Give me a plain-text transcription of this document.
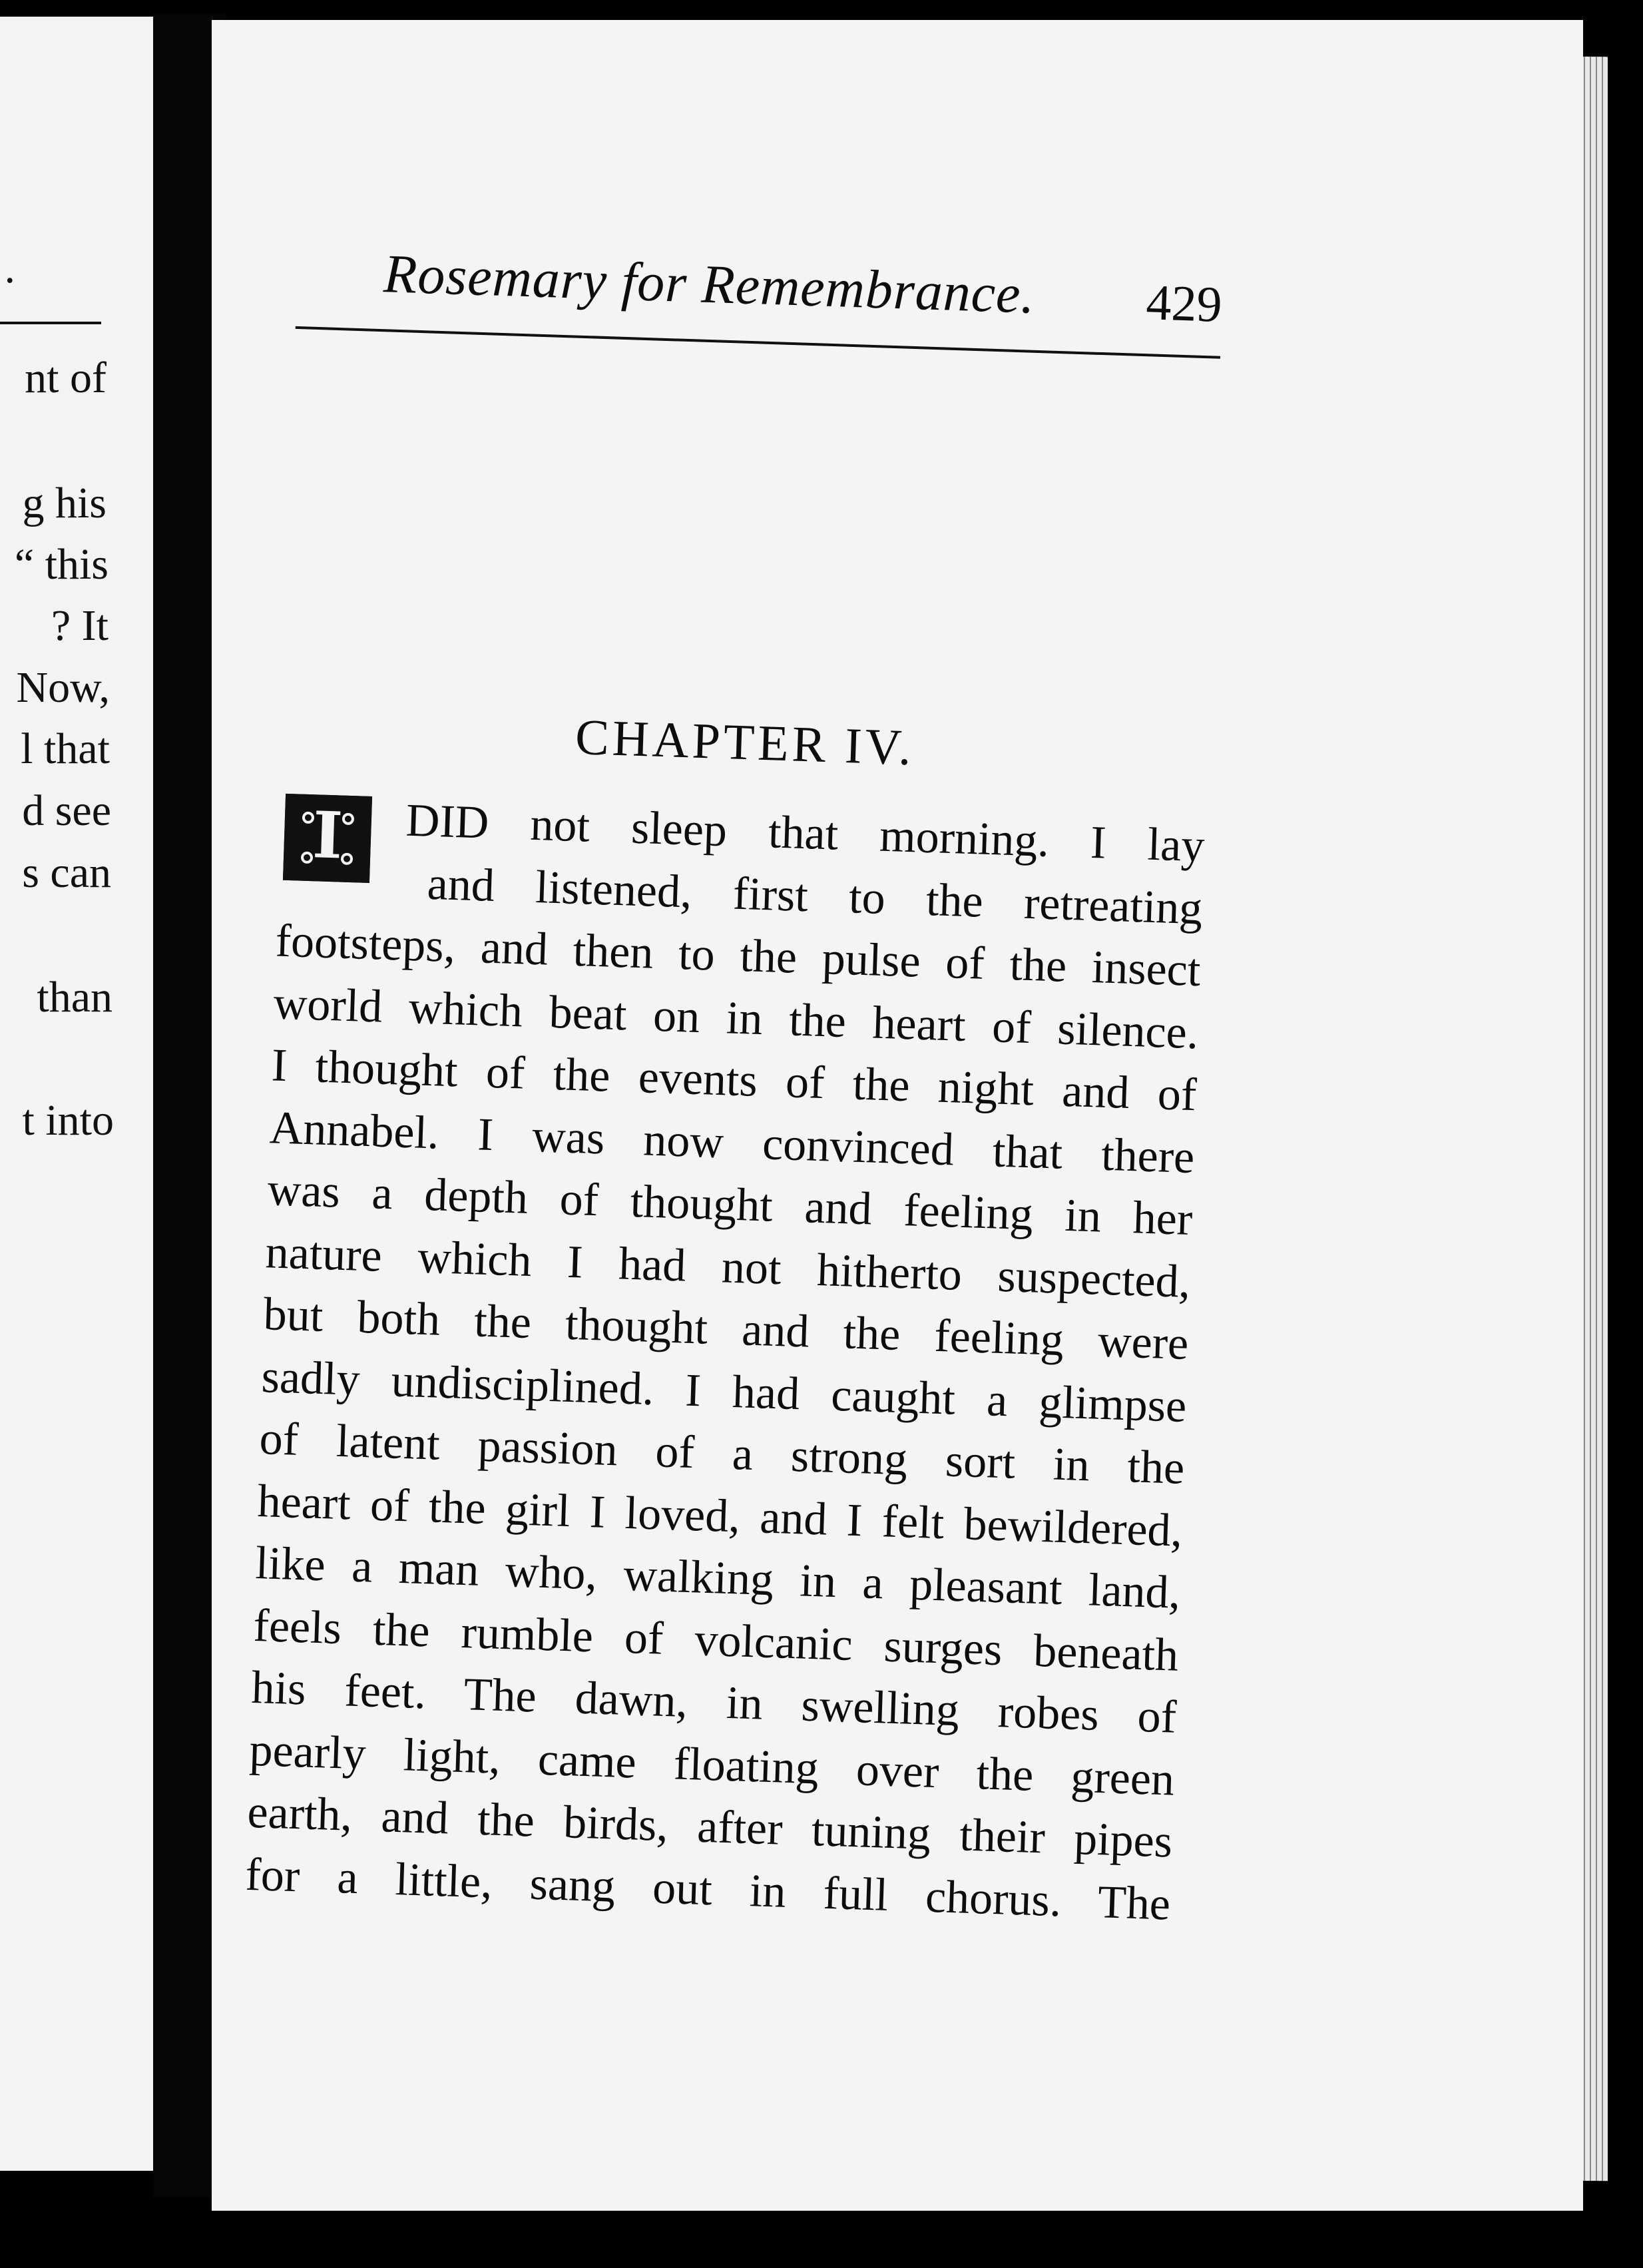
.
nt of
g his
“ this
? It
Now,
l that
d see
s can
than
t into
Rosemary for Remembrance. 429
CHAPTER IV.
I	DID not sleep that morning. I lay
and listened, first to the retreating
footsteps, and then to the pulse of the insect
world which beat on in the heart of silence.
I thought of the events of the night and of
Annabel. I was now convinced that there
was a depth of thought and feeling in her
nature which I had not hitherto suspected,
but both the thought and the feeling were
sadly undisciplined. I had caught a glimpse
of latent passion of a strong sort in the
heart of the girl I loved, and I felt bewildered,
like a man who, walking in a pleasant land,
feels the rumble of volcanic surges beneath
his feet. The dawn, in swelling robes of
pearly light, came floating over the green
earth, and the birds, after tuning their pipes
for a little, sang out in full chorus. The
